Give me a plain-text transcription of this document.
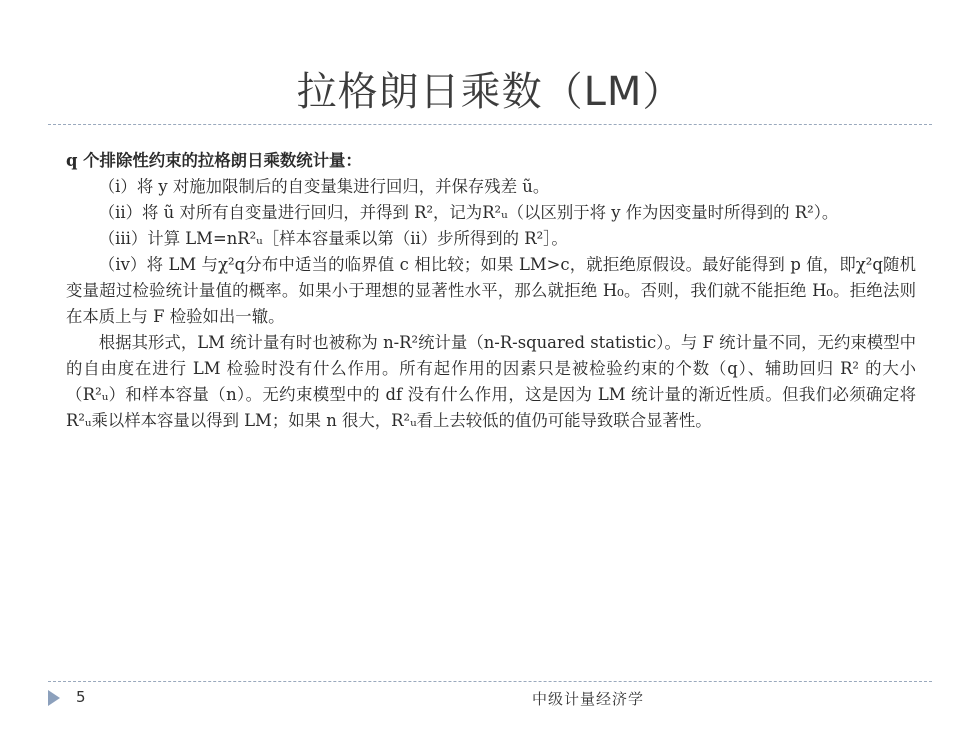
拉格朗日乘数（LM）

q 个排除性约束的拉格朗日乘数统计量：

（i）将 y 对施加限制后的自变量集进行回归，并保存残差 ũ。

（ii）将 ũ 对所有自变量进行回归，并得到 R²，记为R²ᵤ（以区别于将 y 作为因变量时所得到的 R²）。

（iii）计算 LM=nR²ᵤ［样本容量乘以第（ii）步所得到的 R²］。

（iv）将 LM 与χ²q分布中适当的临界值 c 相比较；如果 LM>c，就拒绝原假设。最好能得到 p 值，即χ²q随机变量超过检验统计量值的概率。如果小于理想的显著性水平，那么就拒绝 H₀。否则，我们就不能拒绝 H₀。拒绝法则在本质上与 F 检验如出一辙。

根据其形式，LM 统计量有时也被称为 n-R²统计量（n-R-squared statistic）。与 F 统计量不同，无约束模型中的自由度在进行 LM 检验时没有什么作用。所有起作用的因素只是被检验约束的个数（q）、辅助回归 R² 的大小（R²ᵤ）和样本容量（n）。无约束模型中的 df 没有什么作用，这是因为 LM 统计量的渐近性质。但我们必须确定将R²ᵤ乘以样本容量以得到 LM；如果 n 很大，R²ᵤ看上去较低的值仍可能导致联合显著性。

5	中级计量经济学
